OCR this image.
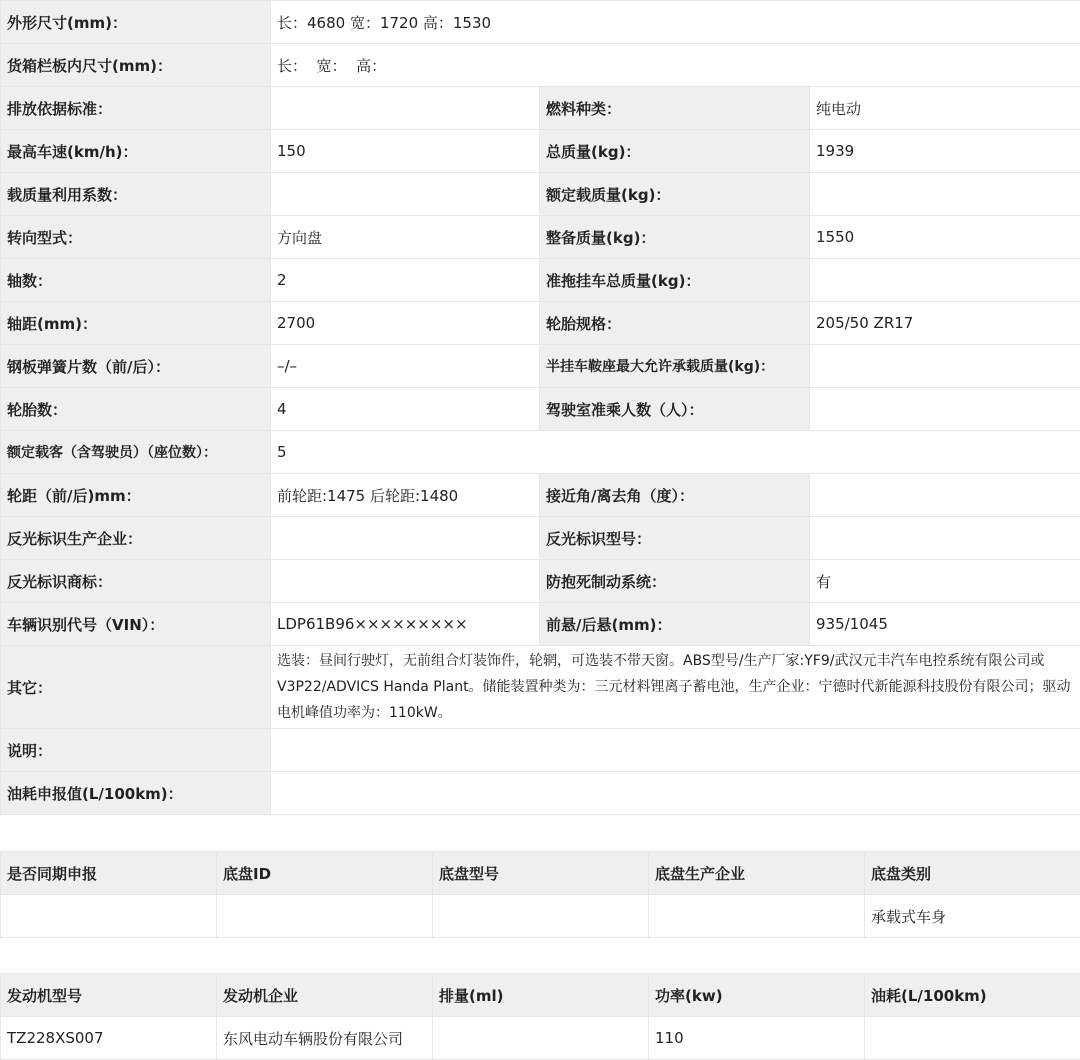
外形尺寸(mm)：	长：4680 宽：1720 高：1530		
货箱栏板内尺寸(mm)：	长：  宽：  高：		
排放依据标准：		燃料种类：	纯电动
最高车速(km/h)：	150	总质量(kg)：	1939
载质量利用系数：		额定载质量(kg)：	
转向型式：	方向盘	整备质量(kg)：	1550
轴数：	2	准拖挂车总质量(kg)：	
轴距(mm)：	2700	轮胎规格：	205/50 ZR17
钢板弹簧片数（前/后）：	–/–	半挂车鞍座最大允许承载质量(kg)：	
轮胎数：	4	驾驶室准乘人数（人）：	
额定载客（含驾驶员）（座位数）：	5		
轮距（前/后)mm：	前轮距:1475 后轮距:1480	接近角/离去角（度）：	
反光标识生产企业：		反光标识型号：	
反光标识商标：		防抱死制动系统：	有
车辆识别代号（VIN）：	LDP61B96×××××××××	前悬/后悬(mm)：	935/1045
其它：	选装：昼间行驶灯，无前组合灯装饰件，轮辋，可选装不带天窗。ABS型号/生产厂家:YF9/武汉元丰汽车电控系统有限公司或V3P22/ADVICS Handa Plant。储能装置种类为：三元材料锂离子蓄电池，生产企业：宁德时代新能源科技股份有限公司；驱动电机峰值功率为：110kW。		
说明：			
油耗申报值(L/100km)：			
是否同期申报	底盘ID	底盘型号	底盘生产企业	底盘类别
				承载式车身
发动机型号	发动机企业	排量(ml)	功率(kw)	油耗(L/100km)
TZ228XS007	东风电动车辆股份有限公司		110	
